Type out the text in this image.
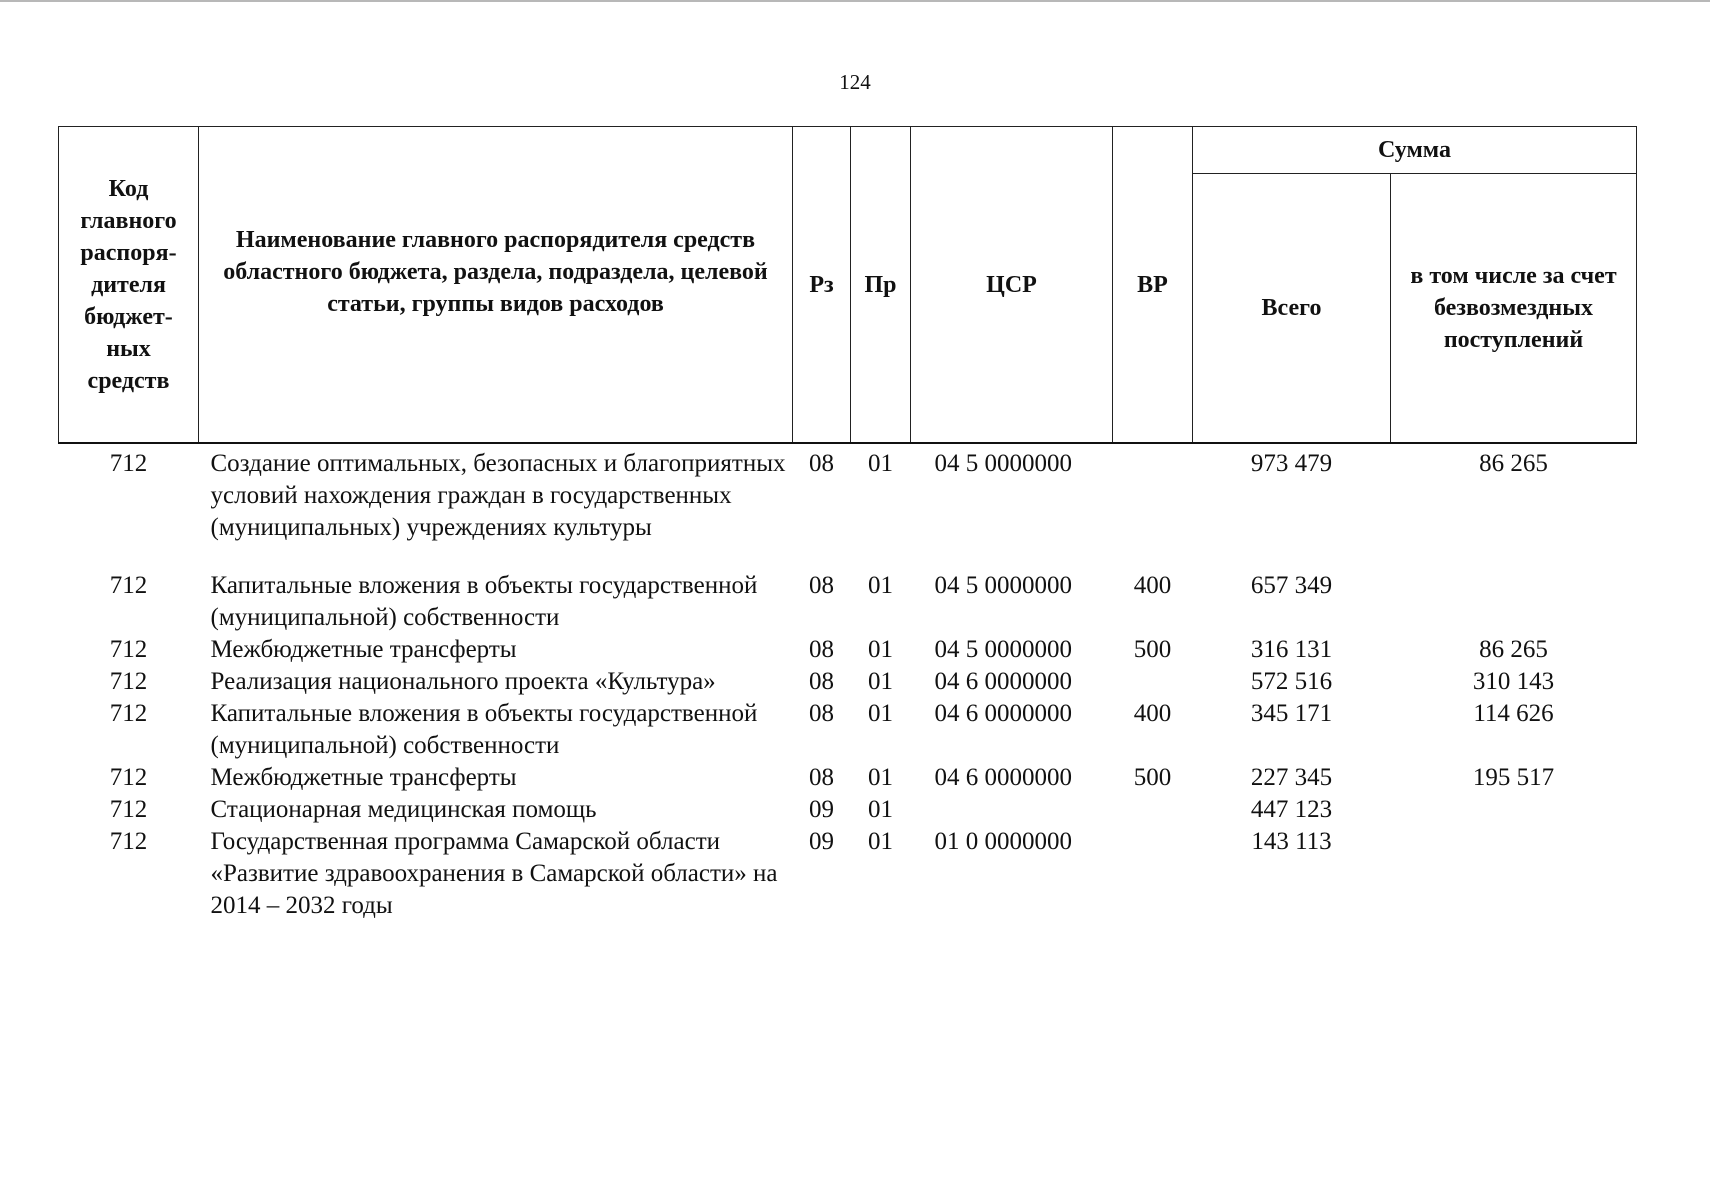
124
Код главного распоря-дителя бюджет-ных средств	Наименование главного распорядителя средств областного бюджета, раздела, подраздела, целевой статьи, группы видов расходов	Рз	Пр	ЦСР	ВР	Сумма	
						Всего	в том числе за счет безвозмездных поступлений
712	Создание оптимальных, безопасных и благоприятных условий нахождения граждан в государственных (муниципальных) учреждениях культуры	08	01	04 5 0000000		973 479	86 265
712	Капитальные вложения в объекты государственной (муниципальной) собственности	08	01	04 5 0000000	400	657 349	
712	Межбюджетные трансферты	08	01	04 5 0000000	500	316 131	86 265
712	Реализация национального проекта «Культура»	08	01	04 6 0000000		572 516	310 143
712	Капитальные вложения в объекты государственной (муниципальной) собственности	08	01	04 6 0000000	400	345 171	114 626
712	Межбюджетные трансферты	08	01	04 6 0000000	500	227 345	195 517
712	Стационарная медицинская помощь	09	01			447 123	
712	Государственная программа Самарской области «Развитие здравоохранения в Самарской области» на 2014 – 2032 годы	09	01	01 0 0000000		143 113	
